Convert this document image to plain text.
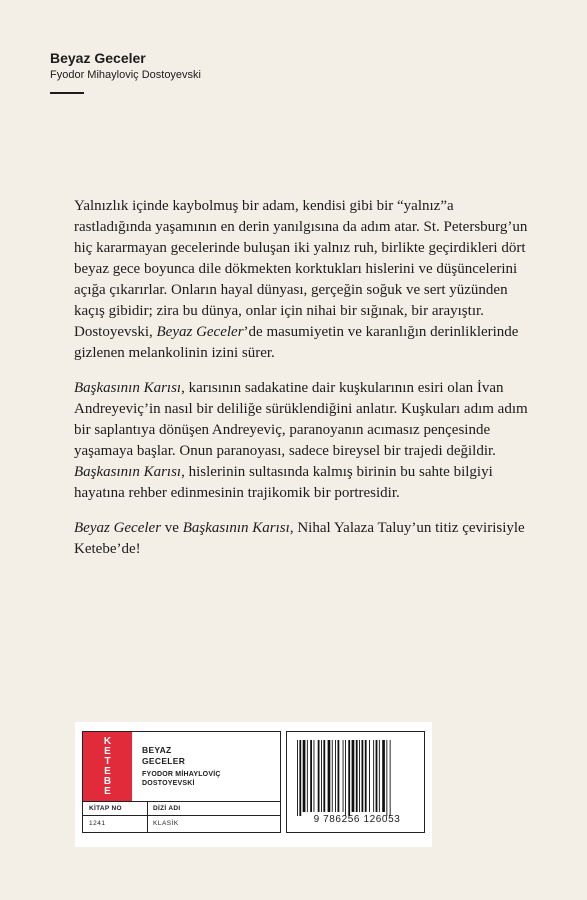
Beyaz Geceler
Fyodor Mihayloviç Dostoyevski

Yalnızlık içinde kaybolmuş bir adam, kendisi gibi bir “yalnız”a rastladığında yaşamının en derin yanılgısına da adım atar. St. Petersburg’un hiç kararmayan gecelerinde buluşan iki yalnız ruh, birlikte geçirdikleri dört beyaz gece boyunca dile dökmekten korktukları hislerini ve düşüncelerini açığa çıkarırlar. Onların hayal dünyası, gerçeğin soğuk ve sert yüzünden kaçış gibidir; zira bu dünya, onlar için nihai bir sığınak, bir arayıştır. Dostoyevski, Beyaz Geceler’de masumiyetin ve karanlığın derinliklerinde gizlenen melankolinin izini sürer.

Başkasının Karısı, karısının sadakatine dair kuşkularının esiri olan İvan Andreyeviç’in nasıl bir deliliğe sürüklendiğini anlatır. Kuşkuları adım adım bir saplantıya dönüşen Andreyeviç, paranoyanın acımasız pençesinde yaşamaya başlar. Onun paranoyası, sadece bireysel bir trajedi değildir. Başkasının Karısı, hislerinin sultasında kalmış birinin bu sahte bilgiyi hayatına rehber edinmesinin trajikomik bir portresidir.

Beyaz Geceler ve Başkasının Karısı, Nihal Yalaza Taluy’un titiz çevirisiyle Ketebe’de!

K
E
T
E
B
E
BEYAZ
GECELER
FYODOR MİHAYLOVİÇ
DOSTOYEVSKİ
KİTAP NO	DİZİ ADI
1241	KLASİK	9 786256 126053
